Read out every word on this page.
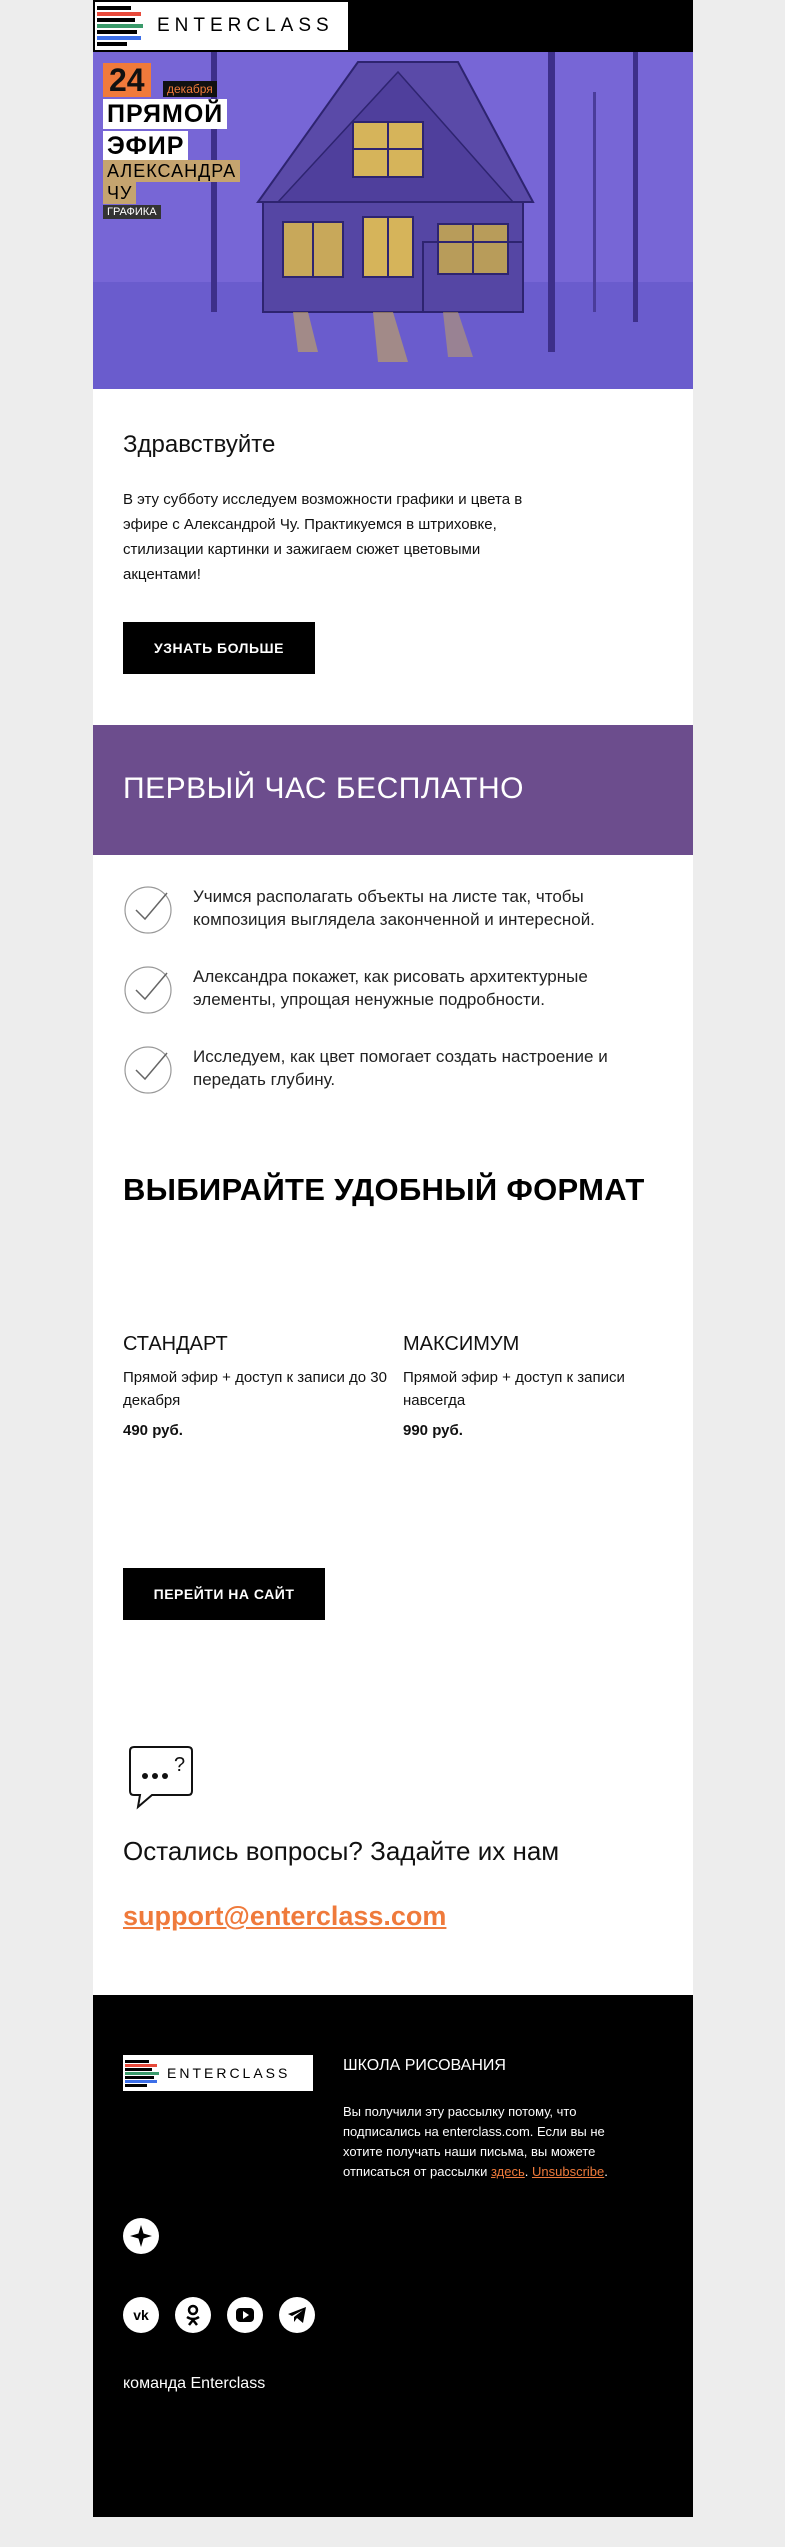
ENTERCLASS
24	декабря
ПРЯМОЙ
ЭФИР
АЛЕКСАНДРА
ЧУ
ГРАФИКА
Здравствуйте
В эту субботу исследуем возможности графики и цвета в эфире с Александрой Чу. Практикуемся в штриховке, стилизации картинки и зажигаем сюжет цветовыми акцентами!
УЗНАТЬ БОЛЬШЕ
ПЕРВЫЙ ЧАС БЕСПЛАТНО
Учимся располагать объекты на листе так, чтобы композиция выглядела законченной и интересной.
Александра покажет, как рисовать архитектурные элементы, упрощая ненужные подробности.
Исследуем, как цвет помогает создать настроение и передать глубину.
ВЫБИРАЙТЕ УДОБНЫЙ ФОРМАТ
СТАНДАРТ
Прямой эфир + доступ к записи до 30 декабря
490 руб.
МАКСИМУМ
Прямой эфир + доступ к записи навсегда
990 руб.
ПЕРЕЙТИ НА САЙТ
?
Остались вопросы? Задайте их нам
support@enterclass.com
ENTERCLASS	ШКОЛА РИСОВАНИЯ
Вы получили эту рассылку потому, что подписались на enterclass.com. Если вы не хотите получать наши письма, вы можете отписаться от рассылки здесь. Unsubscribe.
vk
команда Enterclass
